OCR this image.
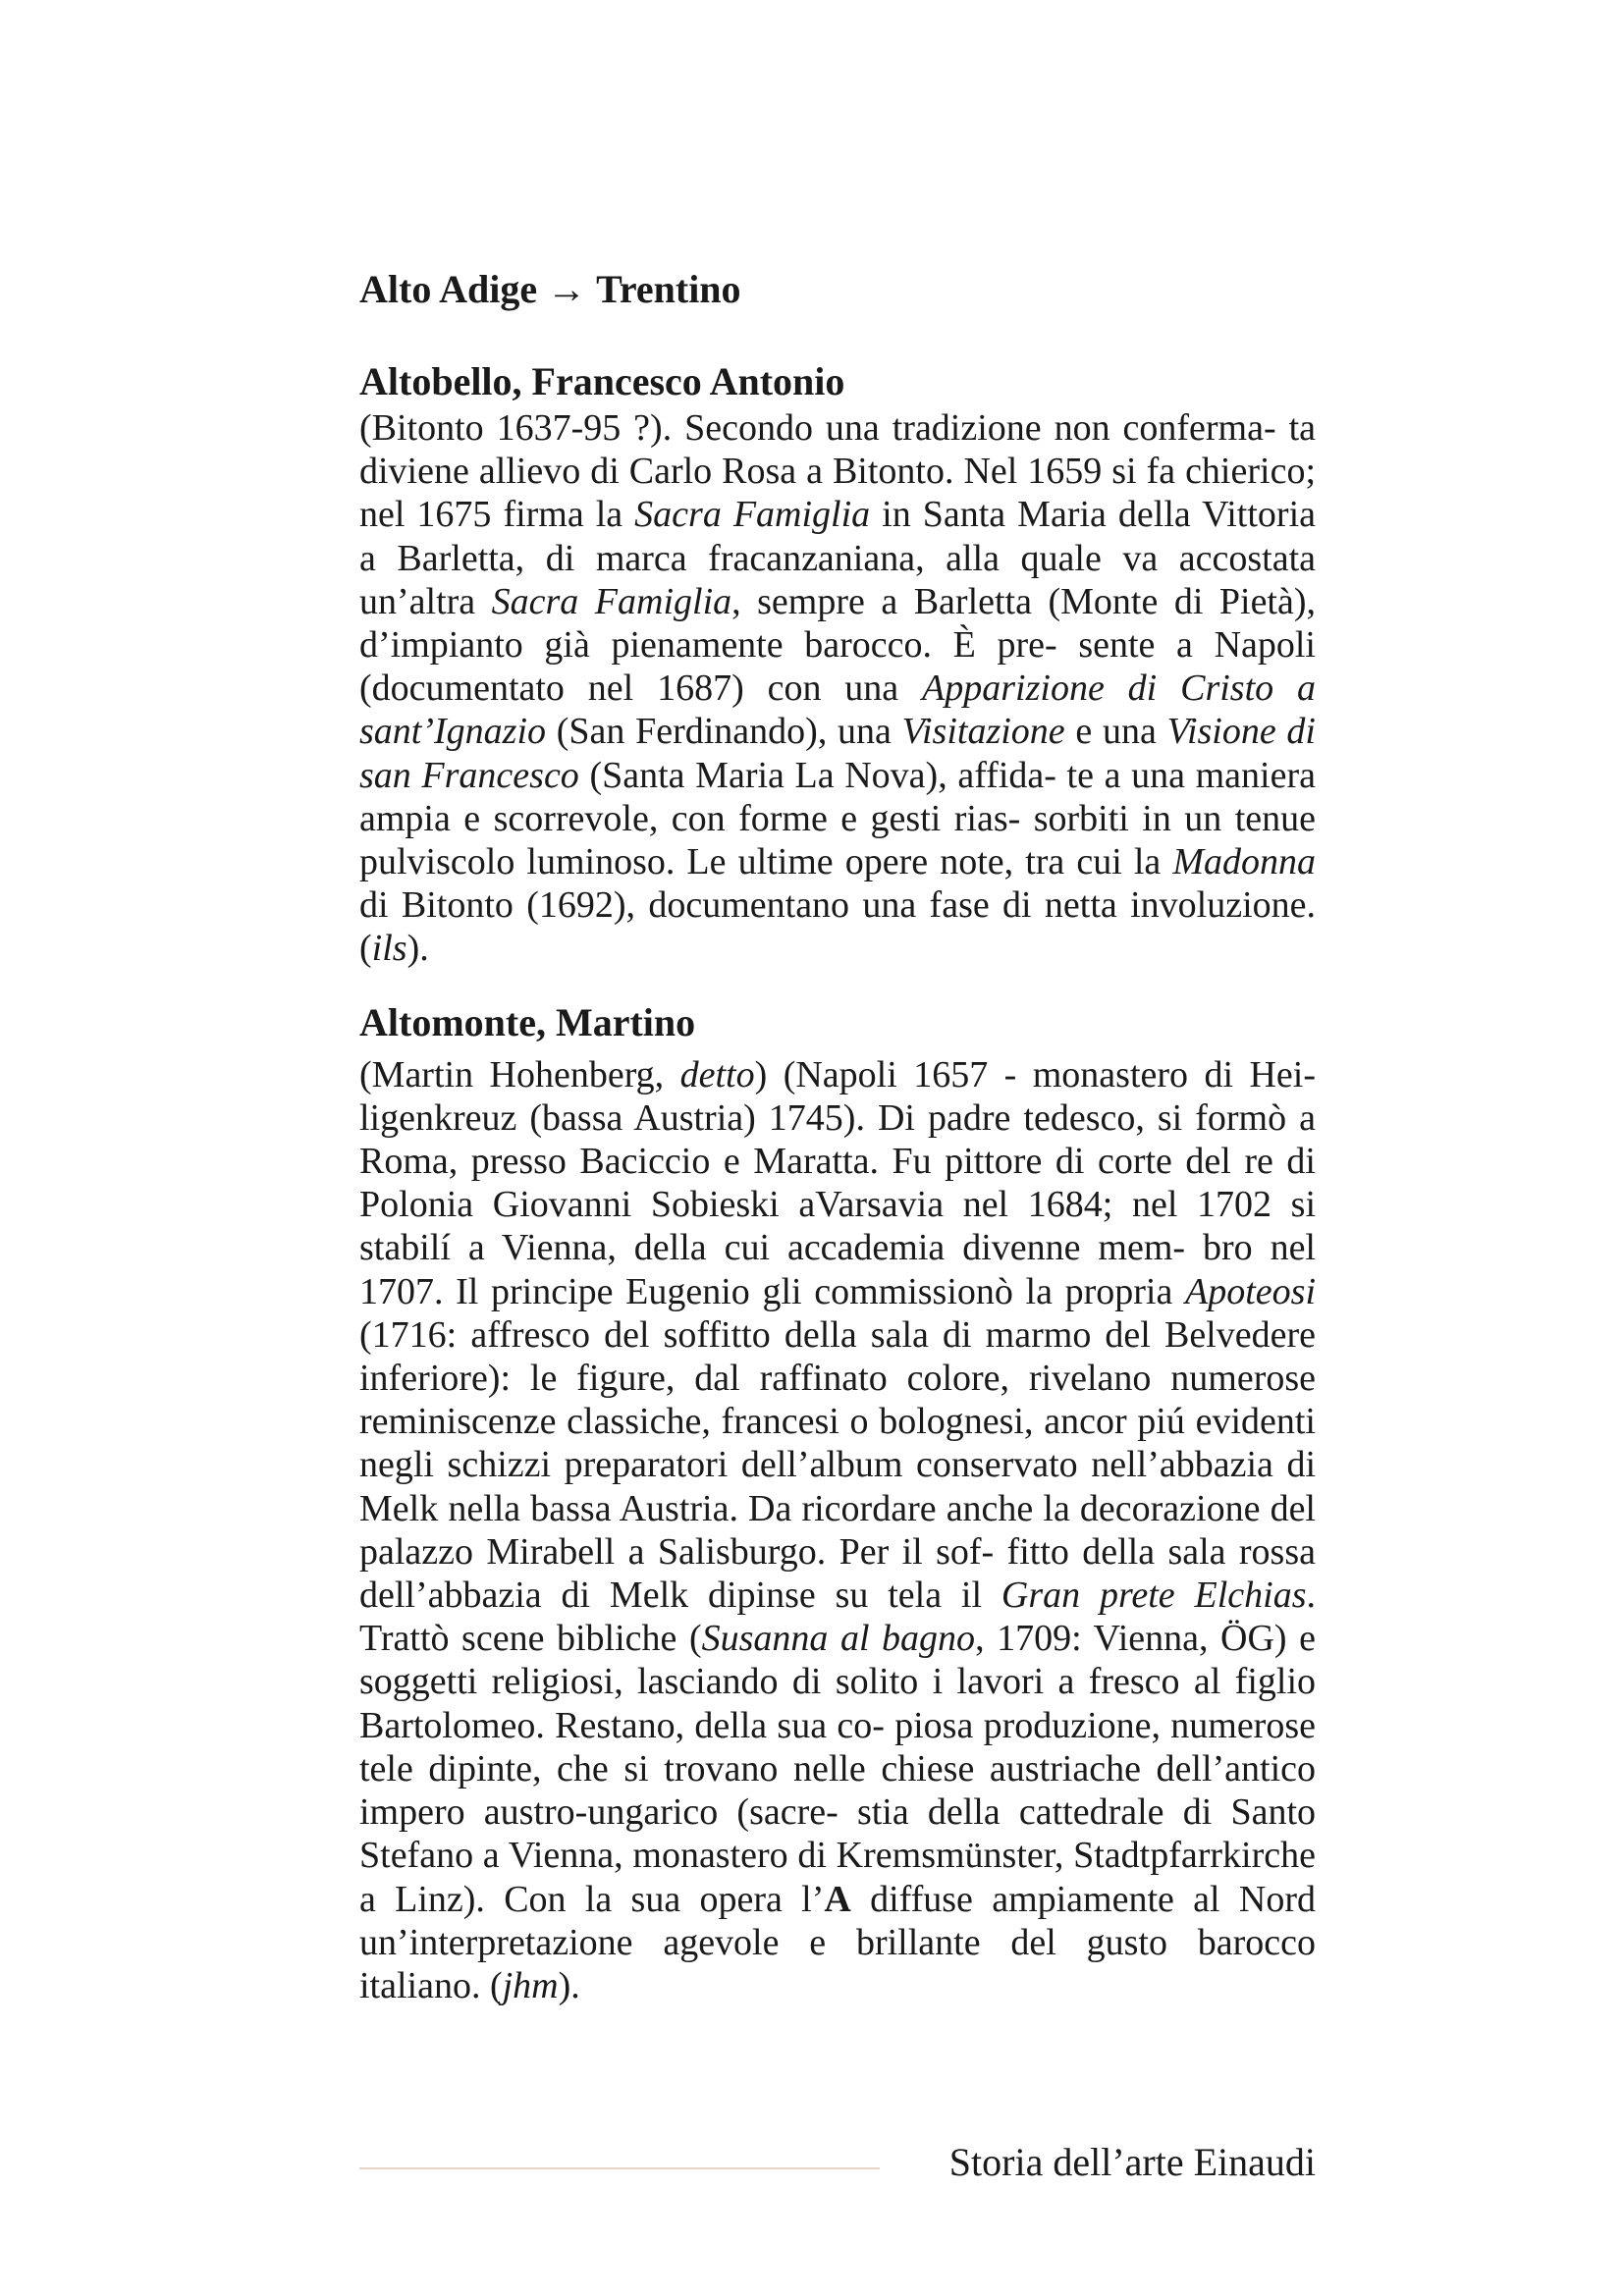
Alto Adige → Trentino
Altobello, Francesco Antonio

(Bitonto 1637-95 ?). Secondo una tradizione non conferma- ta diviene allievo di Carlo Rosa a Bitonto. Nel 1659 si fa chierico; nel 1675 firma la Sacra Famiglia in Santa Maria della Vittoria a Barletta, di marca fracanzaniana, alla quale va accostata un’altra Sacra Famiglia, sempre a Barletta (Monte di Pietà), d’impianto già pienamente barocco. È pre- sente a Napoli (documentato nel 1687) con una Apparizione di Cristo a sant’Ignazio (San Ferdinando), una Visitazione e una Visione di san Francesco (Santa Maria La Nova), affida- te a una maniera ampia e scorrevole, con forme e gesti rias- sorbiti in un tenue pulviscolo luminoso. Le ultime opere note, tra cui la Madonna di Bitonto (1692), documentano una fase di netta involuzione. (ils).

Altomonte, Martino

(Martin Hohenberg, detto) (Napoli 1657 - monastero di Hei- ligenkreuz (bassa Austria) 1745). Di padre tedesco, si formò a Roma, presso Baciccio e Maratta. Fu pittore di corte del re di Polonia Giovanni Sobieski aVarsavia nel 1684; nel 1702 si stabilí a Vienna, della cui accademia divenne mem- bro nel 1707. Il principe Eugenio gli commissionò la propria Apoteosi (1716: affresco del soffitto della sala di marmo del Belvedere inferiore): le figure, dal raffinato colore, rivelano numerose reminiscenze classiche, francesi o bolognesi, ancor piú evidenti negli schizzi preparatori dell’album conservato nell’abbazia di Melk nella bassa Austria. Da ricordare anche la decorazione del palazzo Mirabell a Salisburgo. Per il sof- fitto della sala rossa dell’abbazia di Melk dipinse su tela il Gran prete Elchias. Trattò scene bibliche (Susanna al bagno, 1709: Vienna, ÖG) e soggetti religiosi, lasciando di solito i lavori a fresco al figlio Bartolomeo. Restano, della sua co- piosa produzione, numerose tele dipinte, che si trovano nelle chiese austriache dell’antico impero austro-ungarico (sacre- stia della cattedrale di Santo Stefano a Vienna, monastero di Kremsmünster, Stadtpfarrkirche a Linz). Con la sua opera l’A diffuse ampiamente al Nord un’interpretazione agevole e brillante del gusto barocco italiano. (jhm).

Storia dell’arte Einaudi
